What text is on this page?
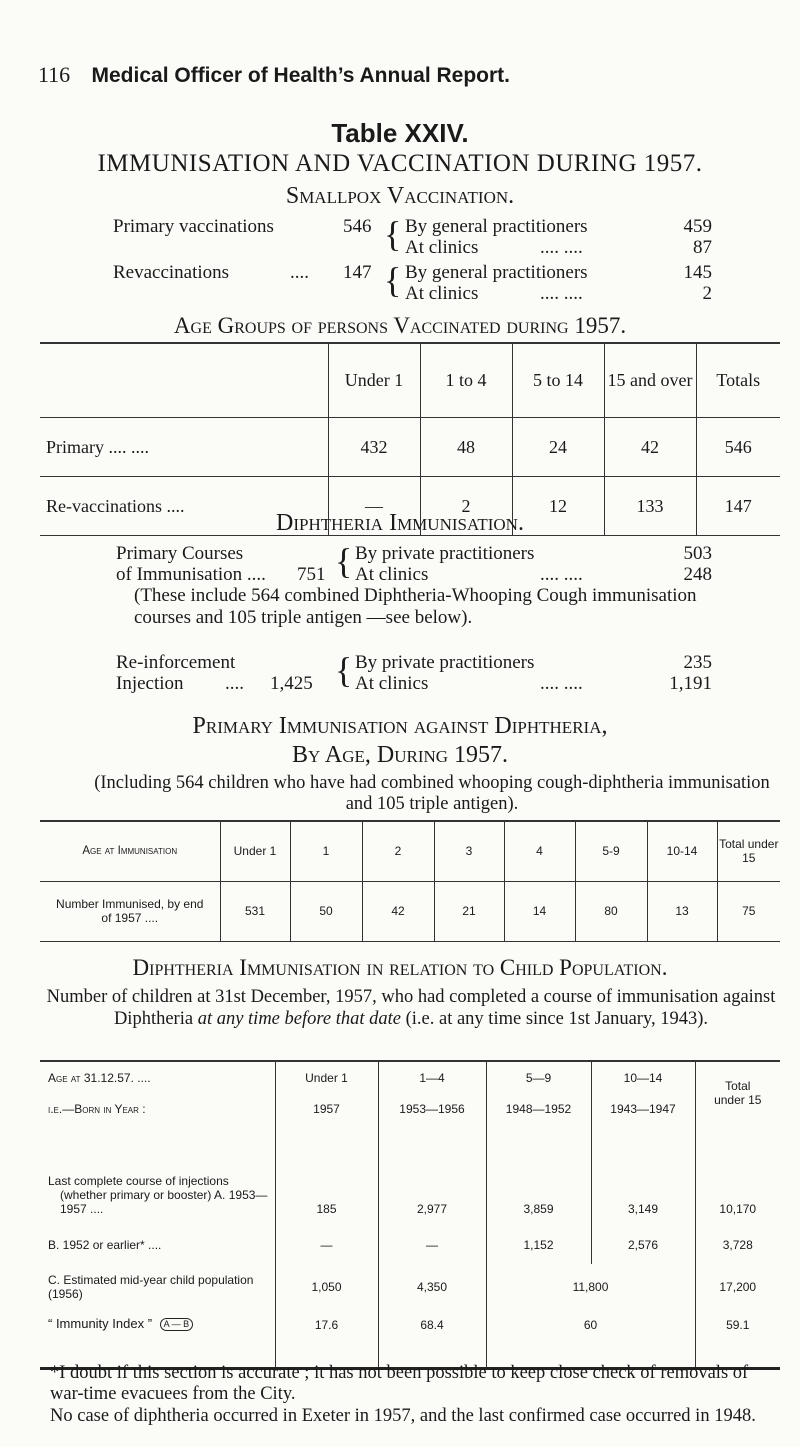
116 Medical Officer of Health’s Annual Report.
Table XXIV.
IMMUNISATION AND VACCINATION DURING 1957.
Smallpox Vaccination.
Primary vaccinations	546 { By general practitioners	459
At clinics	.... ....	87
Revaccinations	.... 147 { By general practitioners	145
At clinics	.... ....	2
Age Groups of persons Vaccinated during 1957.
	Under 1	1 to 4	5 to 14	15 and over	Totals
Primary .... ....	432	48	24	42	546
Re-vaccinations ....	—	2	12	133	147
Diphtheria Immunisation.
Primary Courses
of Immunisation .... 751 { By private practitioners	503
At clinics	.... ....	248
(These include 564 combined Diphtheria-Whooping Cough immunisation courses and 105 triple antigen —see below).
Re-inforcement
Injection .... 1,425 { By private practitioners	235
At clinics	.... ....	1,191
Primary Immunisation against Diphtheria,
By Age, During 1957.
(Including 564 children who have had combined whooping cough-diphtheria immunisation and 105 triple antigen).
Age at Immunisation	Under 1	1	2	3	4	5-9	10-14	Total under 15
Number Immunised, by end of 1957 ....	531	50	42	21	14	80	13	75
Diphtheria Immunisation in relation to Child Population.
Number of children at 31st December, 1957, who had completed a course of immunisation against Diphtheria at any time before that date (i.e. at any time since 1st January, 1943).
Age at 31.12.57. ....	Under 1	1—4	5—9	10—14	Total under 15
i.e.—Born in Year :	1957	1953—1956	1948—1952	1943—1947	
Last complete course of injections (whether primary or booster) A. 1953—1957 ....	185	2,977	3,859	3,149	10,170
B. 1952 or earlier* ....	—	—	1,152	2,576	3,728
C. Estimated mid-year child population (1956)	1,050	4,350	11,800		17,200
“ Immunity Index ” A — B	17.6	68.4	60		59.1
*I doubt if this section is accurate ; it has not been possible to keep close check of removals of war-time evacuees from the City.
No case of diphtheria occurred in Exeter in 1957, and the last confirmed case occurred in 1948.
